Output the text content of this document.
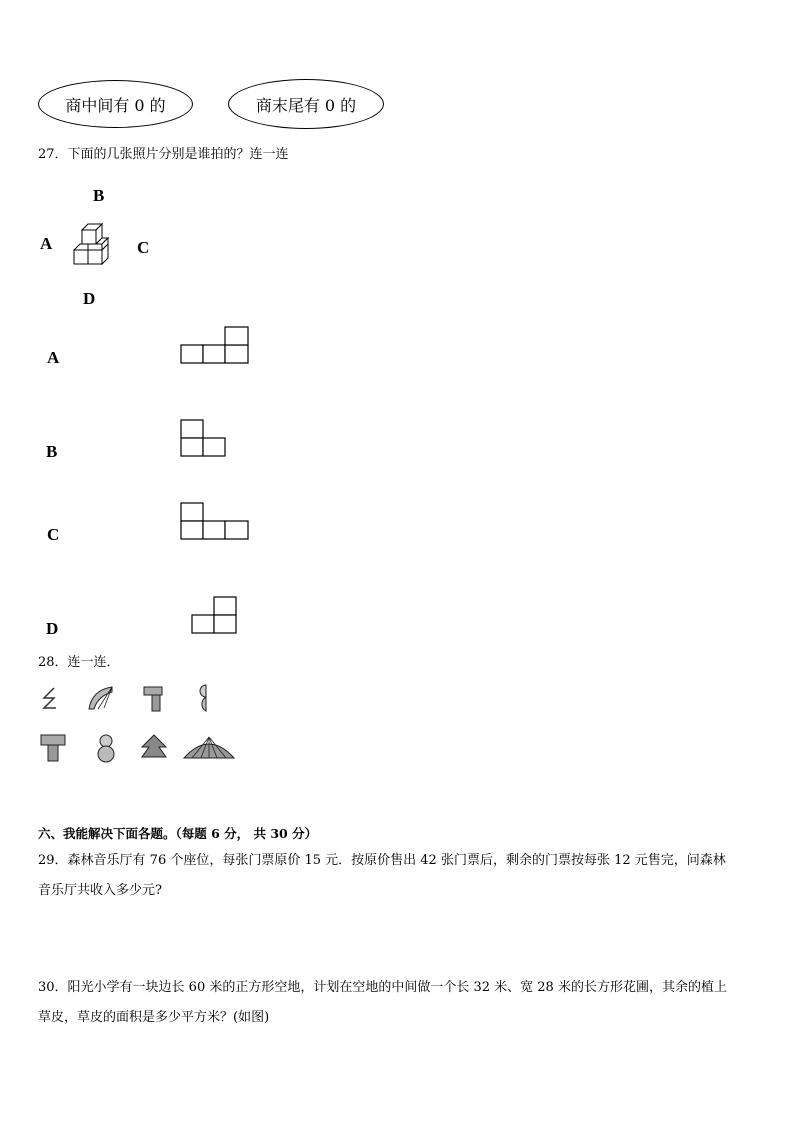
商中间有 0 的	商末尾有 0 的
27．下面的几张照片分别是谁拍的？连一连
B
A	C
D
A
B
C
D
28．连一连．
六、我能解决下面各题。（每题 6 分， 共 30 分）
29．森林音乐厅有 76 个座位，每张门票原价 15 元．按原价售出 42 张门票后，剩余的门票按每张 12 元售完，问森林
音乐厅共收入多少元?
30．阳光小学有一块边长 60 米的正方形空地，计划在空地的中间做一个长 32 米、宽 28 米的长方形花圃，其余的植上
草皮，草皮的面积是多少平方米？(如图)
